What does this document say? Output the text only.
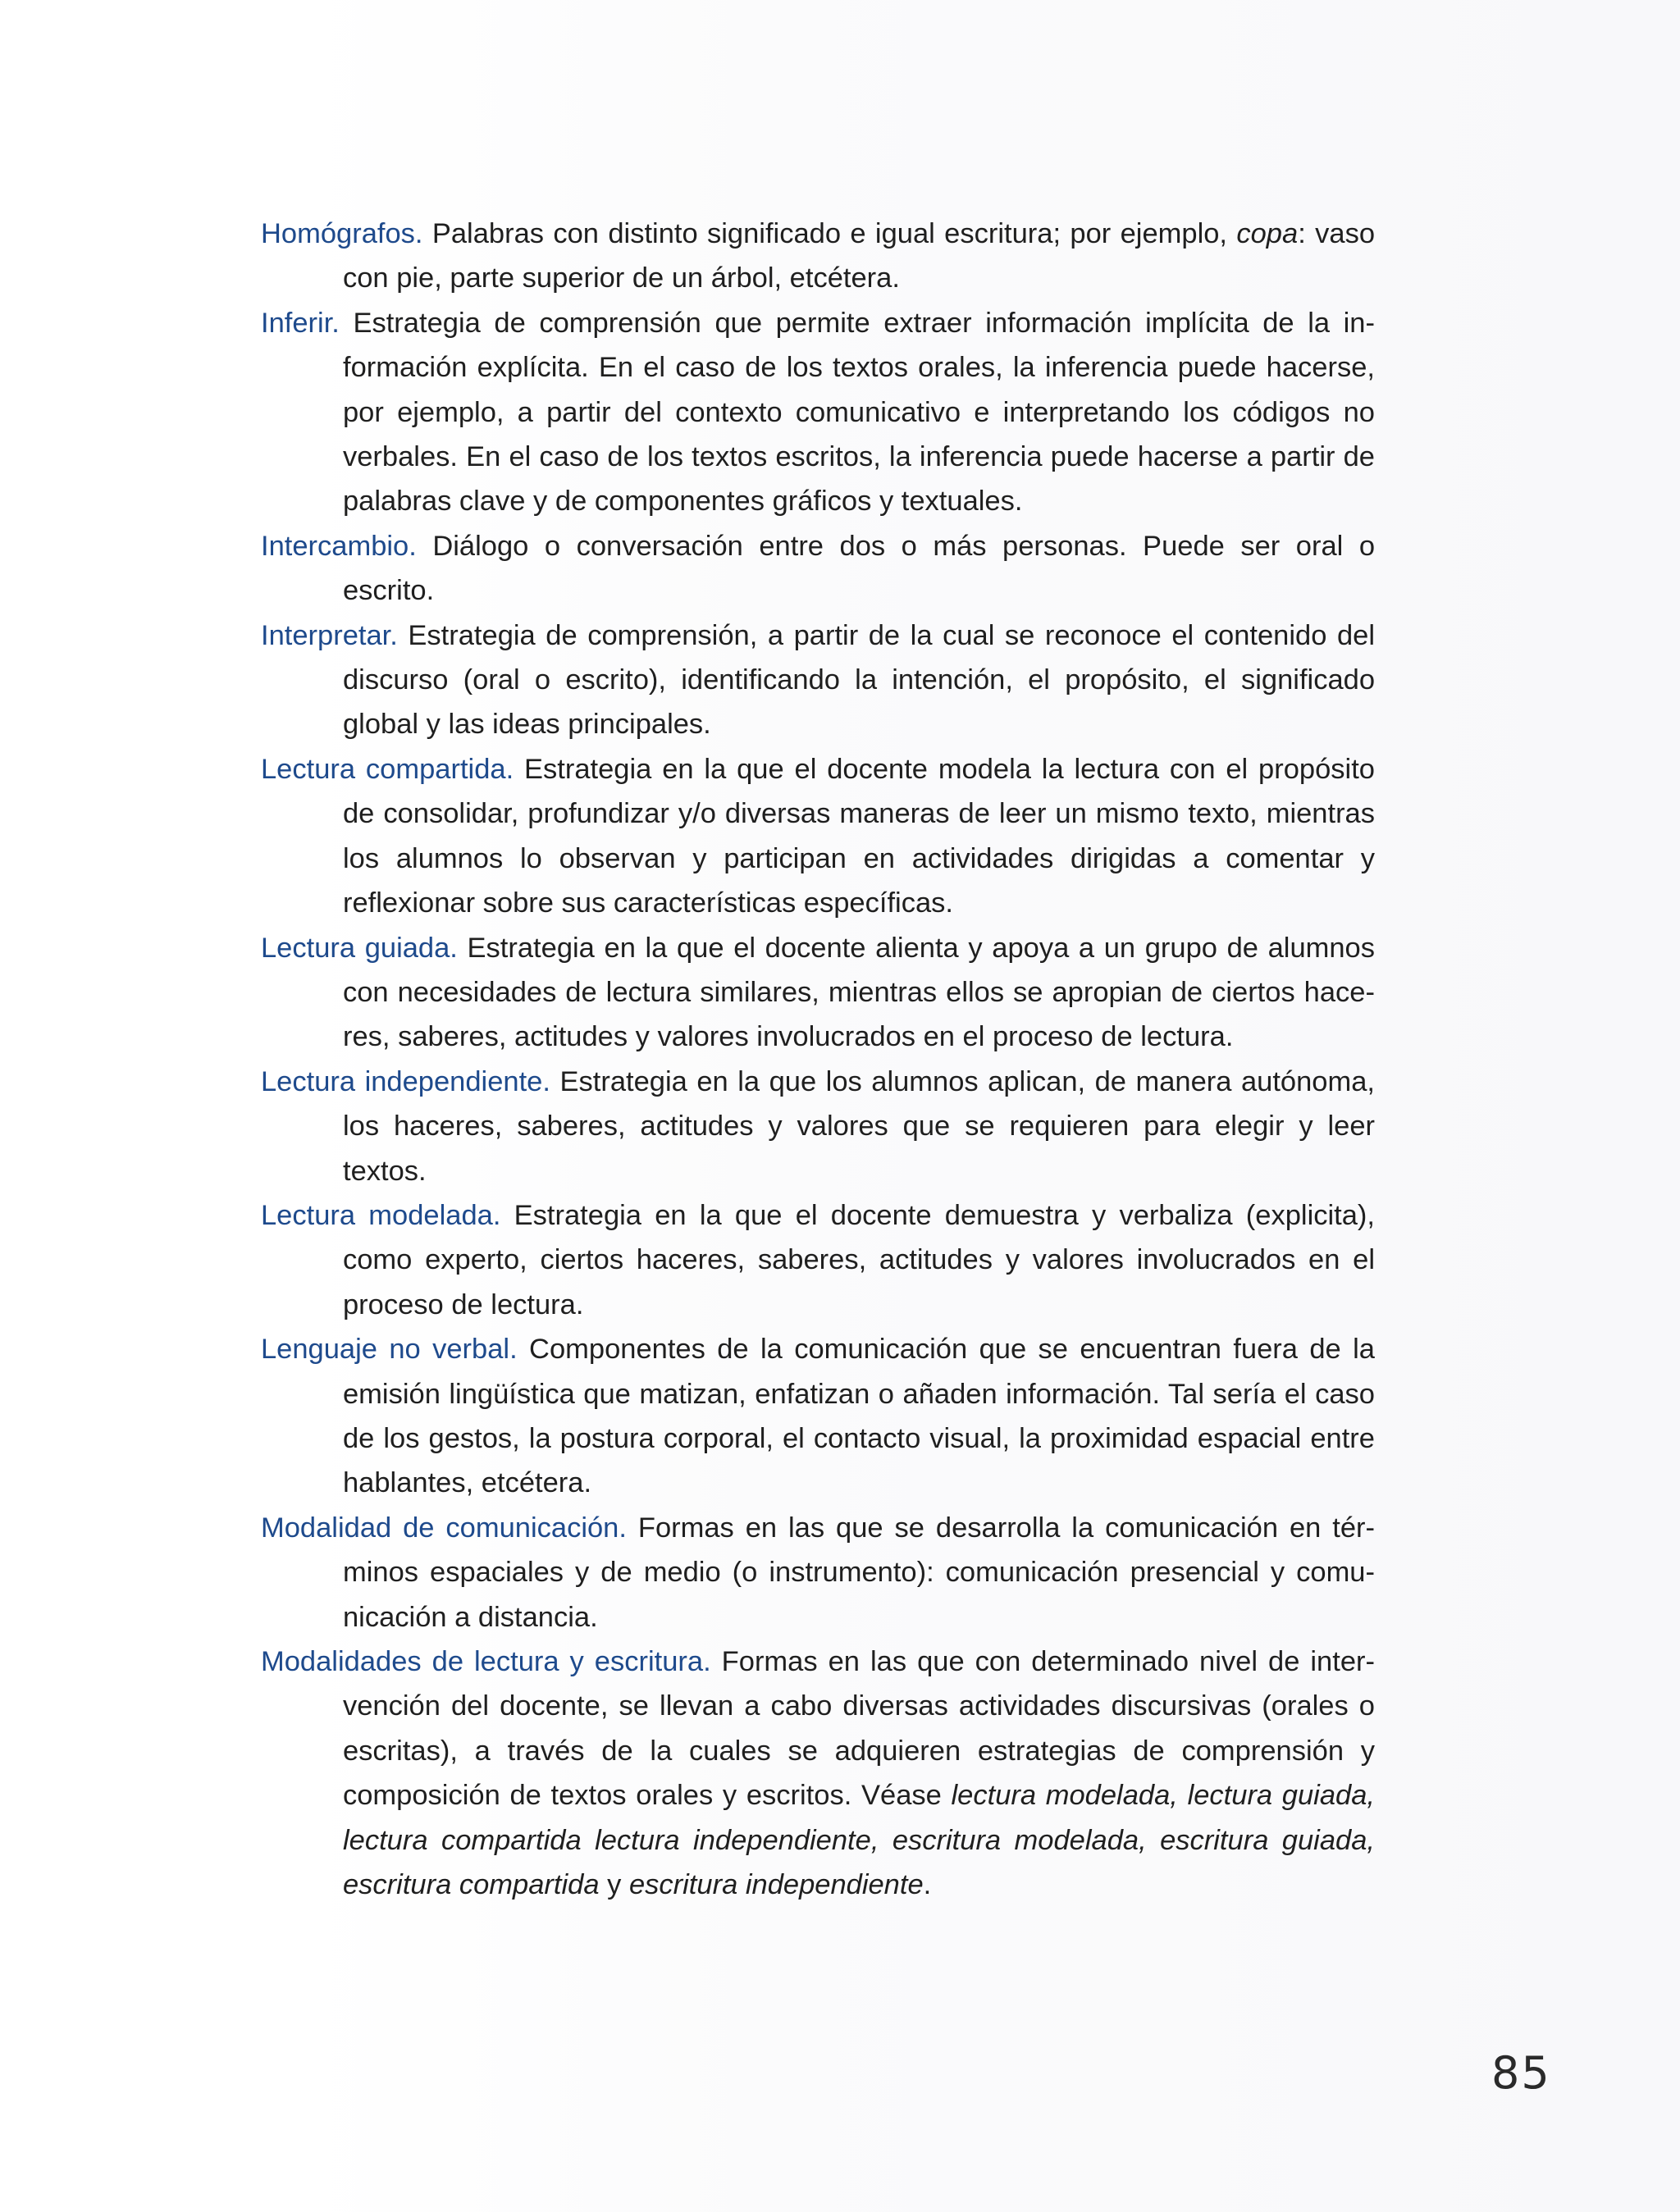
Homógrafos. Palabras con distinto significado e igual escritura; por ejemplo, copa: vaso con pie, parte superior de un árbol, etcétera.

Inferir. Estrategia de comprensión que permite extraer información implícita de la información explícita. En el caso de los textos orales, la inferencia puede hacerse, por ejemplo, a partir del contexto comunicativo e interpretando los códigos no verbales. En el caso de los textos escritos, la inferencia puede hacerse a partir de palabras clave y de componentes gráficos y textuales.

Intercambio. Diálogo o conversación entre dos o más personas. Puede ser oral o escrito.

Interpretar. Estrategia de comprensión, a partir de la cual se reconoce el contenido del discurso (oral o escrito), identificando la intención, el propósito, el significado global y las ideas principales.

Lectura compartida. Estrategia en la que el docente modela la lectura con el propósito de consolidar, profundizar y/o diversas maneras de leer un mismo texto, mientras los alumnos lo observan y participan en actividades dirigidas a comentar y reflexionar sobre sus características específicas.

Lectura guiada. Estrategia en la que el docente alienta y apoya a un grupo de alumnos con necesidades de lectura similares, mientras ellos se apropian de ciertos haceres, saberes, actitudes y valores involucrados en el proceso de lectura.

Lectura independiente. Estrategia en la que los alumnos aplican, de manera autónoma, los haceres, saberes, actitudes y valores que se requieren para elegir y leer textos.

Lectura modelada. Estrategia en la que el docente demuestra y verbaliza (explicita), como experto, ciertos haceres, saberes, actitudes y valores involucrados en el proceso de lectura.

Lenguaje no verbal. Componentes de la comunicación que se encuentran fuera de la emisión lingüística que matizan, enfatizan o añaden información. Tal sería el caso de los gestos, la postura corporal, el contacto visual, la proximidad espacial entre hablantes, etcétera.

Modalidad de comunicación. Formas en las que se desarrolla la comunicación en términos espaciales y de medio (o instrumento): comunicación presencial y comunicación a distancia.

Modalidades de lectura y escritura. Formas en las que con determinado nivel de intervención del docente, se llevan a cabo diversas actividades discursivas (orales o escritas), a través de la cuales se adquieren estrategias de comprensión y composición de textos orales y escritos. Véase lectura modelada, lectura guiada, lectura compartida lectura independiente, escritura modelada, escritura guiada, escritura compartida y escritura independiente.

85
